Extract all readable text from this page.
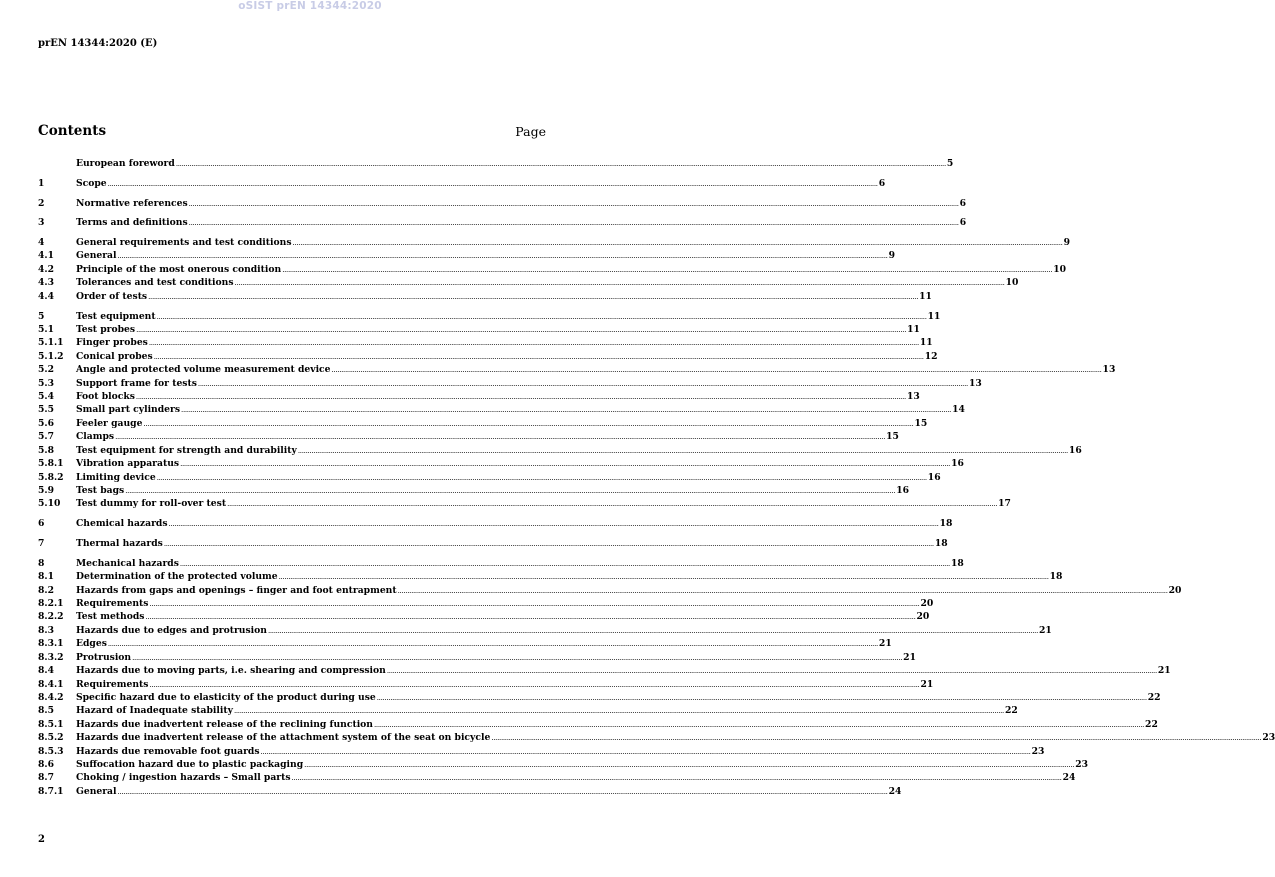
oSIST prEN 14344:2020
prEN 14344:2020 (E)
Contents	Page
European foreword ................................................................................................................................................................................................................................................................................................................................................................................................................ 5
1	Scope ................................................................................................................................................................................................................................................................................................................................................................................................................ 6
2	Normative references ................................................................................................................................................................................................................................................................................................................................................................................................................ 6
3	Terms and definitions ................................................................................................................................................................................................................................................................................................................................................................................................................ 6
4	General requirements and test conditions ................................................................................................................................................................................................................................................................................................................................................................................................................ 9
4.1	General ................................................................................................................................................................................................................................................................................................................................................................................................................ 9
4.2	Principle of the most onerous condition ................................................................................................................................................................................................................................................................................................................................................................................................................ 10
4.3	Tolerances and test conditions ................................................................................................................................................................................................................................................................................................................................................................................................................ 10
4.4	Order of tests ................................................................................................................................................................................................................................................................................................................................................................................................................ 11
5	Test equipment ................................................................................................................................................................................................................................................................................................................................................................................................................ 11
5.1	Test probes ................................................................................................................................................................................................................................................................................................................................................................................................................ 11
5.1.1	Finger probes ................................................................................................................................................................................................................................................................................................................................................................................................................ 11
5.1.2	Conical probes ................................................................................................................................................................................................................................................................................................................................................................................................................ 12
5.2	Angle and protected volume measurement device ................................................................................................................................................................................................................................................................................................................................................................................................................ 13
5.3	Support frame for tests ................................................................................................................................................................................................................................................................................................................................................................................................................ 13
5.4	Foot blocks ................................................................................................................................................................................................................................................................................................................................................................................................................ 13
5.5	Small part cylinders ................................................................................................................................................................................................................................................................................................................................................................................................................ 14
5.6	Feeler gauge ................................................................................................................................................................................................................................................................................................................................................................................................................ 15
5.7	Clamps ................................................................................................................................................................................................................................................................................................................................................................................................................ 15
5.8	Test equipment for strength and durability ................................................................................................................................................................................................................................................................................................................................................................................................................ 16
5.8.1	Vibration apparatus ................................................................................................................................................................................................................................................................................................................................................................................................................ 16
5.8.2	Limiting device ................................................................................................................................................................................................................................................................................................................................................................................................................ 16
5.9	Test bags ................................................................................................................................................................................................................................................................................................................................................................................................................ 16
5.10	Test dummy for roll-over test ................................................................................................................................................................................................................................................................................................................................................................................................................ 17
6	Chemical hazards ................................................................................................................................................................................................................................................................................................................................................................................................................ 18
7	Thermal hazards ................................................................................................................................................................................................................................................................................................................................................................................................................ 18
8	Mechanical hazards ................................................................................................................................................................................................................................................................................................................................................................................................................ 18
8.1	Determination of the protected volume ................................................................................................................................................................................................................................................................................................................................................................................................................ 18
8.2	Hazards from gaps and openings – finger and foot entrapment ................................................................................................................................................................................................................................................................................................................................................................................................................ 20
8.2.1	Requirements ................................................................................................................................................................................................................................................................................................................................................................................................................ 20
8.2.2	Test methods ................................................................................................................................................................................................................................................................................................................................................................................................................ 20
8.3	Hazards due to edges and protrusion ................................................................................................................................................................................................................................................................................................................................................................................................................ 21
8.3.1	Edges ................................................................................................................................................................................................................................................................................................................................................................................................................ 21
8.3.2	Protrusion ................................................................................................................................................................................................................................................................................................................................................................................................................ 21
8.4	Hazards due to moving parts, i.e. shearing and compression ................................................................................................................................................................................................................................................................................................................................................................................................................ 21
8.4.1	Requirements ................................................................................................................................................................................................................................................................................................................................................................................................................ 21
8.4.2	Specific hazard due to elasticity of the product during use ................................................................................................................................................................................................................................................................................................................................................................................................................ 22
8.5	Hazard of Inadequate stability ................................................................................................................................................................................................................................................................................................................................................................................................................ 22
8.5.1	Hazards due inadvertent release of the reclining function ................................................................................................................................................................................................................................................................................................................................................................................................................ 22
8.5.2	Hazards due inadvertent release of the attachment system of the seat on bicycle ................................................................................................................................................................................................................................................................................................................................................................................................................ 23
8.5.3	Hazards due removable foot guards ................................................................................................................................................................................................................................................................................................................................................................................................................ 23
8.6	Suffocation hazard due to plastic packaging ................................................................................................................................................................................................................................................................................................................................................................................................................ 23
8.7	Choking / ingestion hazards – Small parts ................................................................................................................................................................................................................................................................................................................................................................................................................ 24
8.7.1	General ................................................................................................................................................................................................................................................................................................................................................................................................................ 24
2
